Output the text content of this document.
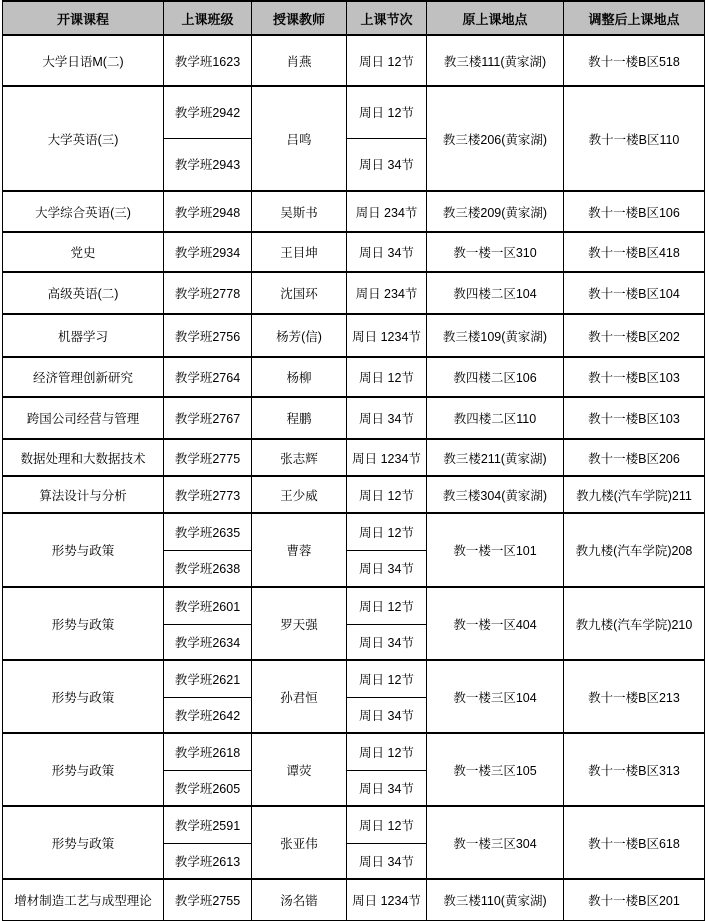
开课课程	上课班级	授课教师	上课节次	原上课地点	调整后上课地点
大学日语M(二)	教学班1623	肖燕	周日 12节	教三楼111(黄家湖)	教十一楼B区518
大学英语(三)	教学班2942	吕鸣	周日 12节	教三楼206(黄家湖)	教十一楼B区110
	教学班2943		周日 34节		
大学综合英语(三)	教学班2948	吴斯书	周日 234节	教三楼209(黄家湖)	教十一楼B区106
党史	教学班2934	王目坤	周日 34节	教一楼一区310	教十一楼B区418
高级英语(二)	教学班2778	沈国环	周日 234节	教四楼二区104	教十一楼B区104
机器学习	教学班2756	杨芳(信)	周日 1234节	教三楼109(黄家湖)	教十一楼B区202
经济管理创新研究	教学班2764	杨柳	周日 12节	教四楼二区106	教十一楼B区103
跨国公司经营与管理	教学班2767	程鹏	周日 34节	教四楼二区110	教十一楼B区103
数据处理和大数据技术	教学班2775	张志辉	周日 1234节	教三楼211(黄家湖)	教十一楼B区206
算法设计与分析	教学班2773	王少威	周日 12节	教三楼304(黄家湖)	教九楼(汽车学院)211
形势与政策	教学班2635	曹蓉	周日 12节	教一楼一区101	教九楼(汽车学院)208
	教学班2638		周日 34节		
形势与政策	教学班2601	罗天强	周日 12节	教一楼一区404	教九楼(汽车学院)210
	教学班2634		周日 34节		
形势与政策	教学班2621	孙君恒	周日 12节	教一楼三区104	教十一楼B区213
	教学班2642		周日 34节		
形势与政策	教学班2618	谭荧	周日 12节	教一楼三区105	教十一楼B区313
	教学班2605		周日 34节		
形势与政策	教学班2591	张亚伟	周日 12节	教一楼三区304	教十一楼B区618
	教学班2613		周日 34节		
增材制造工艺与成型理论	教学班2755	汤名锴	周日 1234节	教三楼110(黄家湖)	教十一楼B区201
